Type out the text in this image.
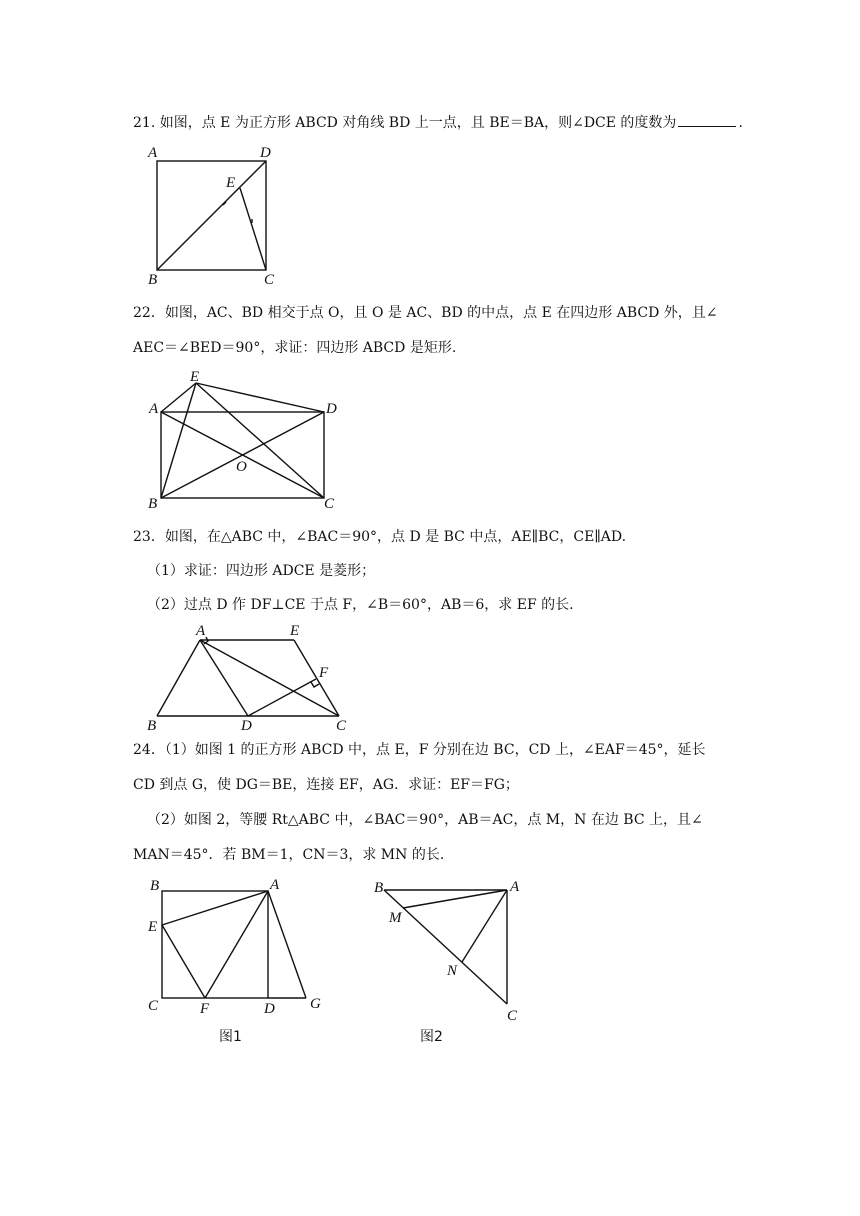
21. 如图，点 E 为正方形 ABCD 对角线 BD 上一点，且 BE＝BA，则∠DCE 的度数为	.
A	D
E
B	C
22．如图，AC、BD 相交于点 O，且 O 是 AC、BD 的中点，点 E 在四边形 ABCD 外，且∠
AEC＝∠BED＝90°，求证：四边形 ABCD 是矩形.
A
E
D
O
B	C
23．如图，在△ABC 中，∠BAC＝90°，点 D 是 BC 中点，AE∥BC，CE∥AD.
（1）求证：四边形 ADCE 是菱形；
（2）过点 D 作 DF⊥CE 于点 F，∠B＝60°，AB＝6，求 EF 的长.
A	E
F
B	D	C
24．（1）如图 1 的正方形 ABCD 中，点 E，F 分别在边 BC，CD 上，∠EAF＝45°，延长
CD 到点 G，使 DG＝BE，连接 EF，AG．求证：EF＝FG；
（2）如图 2，等腰 Rt△ABC 中，∠BAC＝90°，AB＝AC，点 M，N 在边 BC 上，且∠
MAN＝45°．若 BM＝1，CN＝3，求 MN 的长.
B	A
E
C	F	D G
图1
B	A
M
N
C
图2
